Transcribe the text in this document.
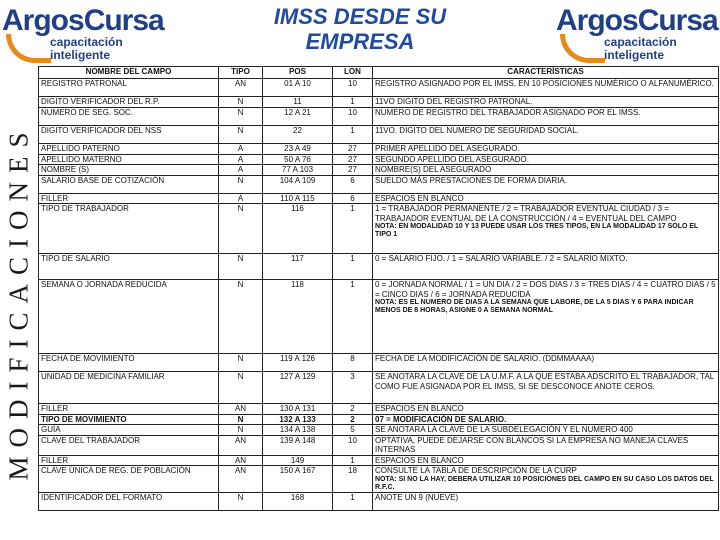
ArgosCursa
capacitación
inteligente
IMSS DESDE SU
EMPRESA
ArgosCursa
capacitación
inteligente
MODIFICACIONES
NOMBRE DEL CAMPO	TIPO	POS	LON	CARACTERÍSTICAS
REGISTRO PATRONAL	AN	01 A 10	10	REGISTRO ASIGNADO POR EL IMSS, EN 10 POSICIONES NUMÉRICO O ALFANUMÉRICO.
DIGITO VERIFICADOR DEL R.P.	N	11	1	11VO DIGITO DEL REGISTRO PATRONAL.
NUMERO DE SEG. SOC.	N	12 A 21	10	NUMERO DE REGISTRO DEL TRABAJADOR ASIGNADO POR EL IMSS.
DIGITO VERIFICADOR DEL NSS	N	22	1	11VO. DIGITO DEL NUMERO DE SEGURIDAD SOCIAL.
APELLIDO PATERNO	A	23 A 49	27	PRIMER APELLIDO DEL ASEGURADO.
APELLIDO MATERNO	A	50 A 76	27	SEGUNDO APELLIDO DEL ASEGURADO.
NOMBRE (S)	A	77 A 103	27	NOMBRE(S) DEL ASEGURADO
SALARIO BASE DE COTIZACIÓN	N	104 A 109	6	SUELDO MÁS PRESTACIONES DE FORMA DIARIA.
FILLER	A	110 A 115	6	ESPACIOS EN BLANCO
TIPO DE TRABAJADOR	N	116	1	1 = TRABAJADOR PERMANENTE / 2 = TRABAJADOR EVENTUAL CIUDAD / 3 = TRABAJADOR EVENTUAL DE LA CONSTRUCCIÓN / 4 = EVENTUAL DEL CAMPO
NOTA: EN MODALIDAD 10 Y 13 PUEDE USAR LOS TRES TIPOS, EN LA MODALIDAD 17 SOLO EL TIPO 1

TIPO DE SALARIO	N	117	1	0 = SALARIO FIJO. / 1 = SALARIO VARIABLE. / 2 = SALARIO MIXTO.
SEMANA O JORNADA REDUCIDA	N	118	1	0 = JORNADA NORMAL / 1 = UN DIA / 2 = DOS DIAS / 3 = TRES DIAS / 4 = CUATRO DIAS / 5 = CINCO DIAS / 6 = JORNADA REDUCIDA
NOTA: ES EL NUMERO DE DIAS A LA SEMANA QUE LABORE, DE LA 5 DIAS Y 6 PARA INDICAR MENOS DE 8 HORAS, ASIGNE 0 A SEMANA NORMAL

FECHA DE MOVIMIENTO	N	119 A 126	8	FECHA DE LA MODIFICACIÓN DE SALARIO. (DDMMAAAA)
UNIDAD DE MEDICINA FAMILIAR	N	127 A 129	3	SE ANOTARA LA CLAVE DE LA U.M.F. A LA QUE ESTABA ADSCRITO EL TRABAJADOR, TAL COMO FUE ASIGNADA POR EL IMSS, SI SE DESCONOCE ANOTE CEROS.
FILLER	AN	130 A 131	2	ESPACIOS EN BLANCO
TIPO DE MOVIMIENTO	N	132 A 133	2	07 = MODIFICACIÓN DE SALARIO.
GUÍA	N	134 A 138	5	SE ANOTARA LA CLAVE DE LA SUBDELEGACIÓN Y EL NUMERO 400
CLAVE DEL TRABAJADOR	AN	139 A 148	10	OPTATIVA, PUEDE DEJARSE CON BLANCOS SI LA EMPRESA NO MANEJA CLAVES INTERNAS
FILLER	AN	149	1	ESPACIOS EN BLANCO
CLAVE ÚNICA DE REG. DE POBLACIÓN	AN	150 A 167	18	CONSULTE LA TABLA DE DESCRIPCIÓN DE LA CURP
NOTA: SI NO LA HAY, DEBERA UTILIZAR 10 POSICIONES DEL CAMPO EN SU CASO LOS DATOS DEL R.F.C.

IDENTIFICADOR DEL FORMATO	N	168	1	ANOTE UN 9 (NUEVE)
